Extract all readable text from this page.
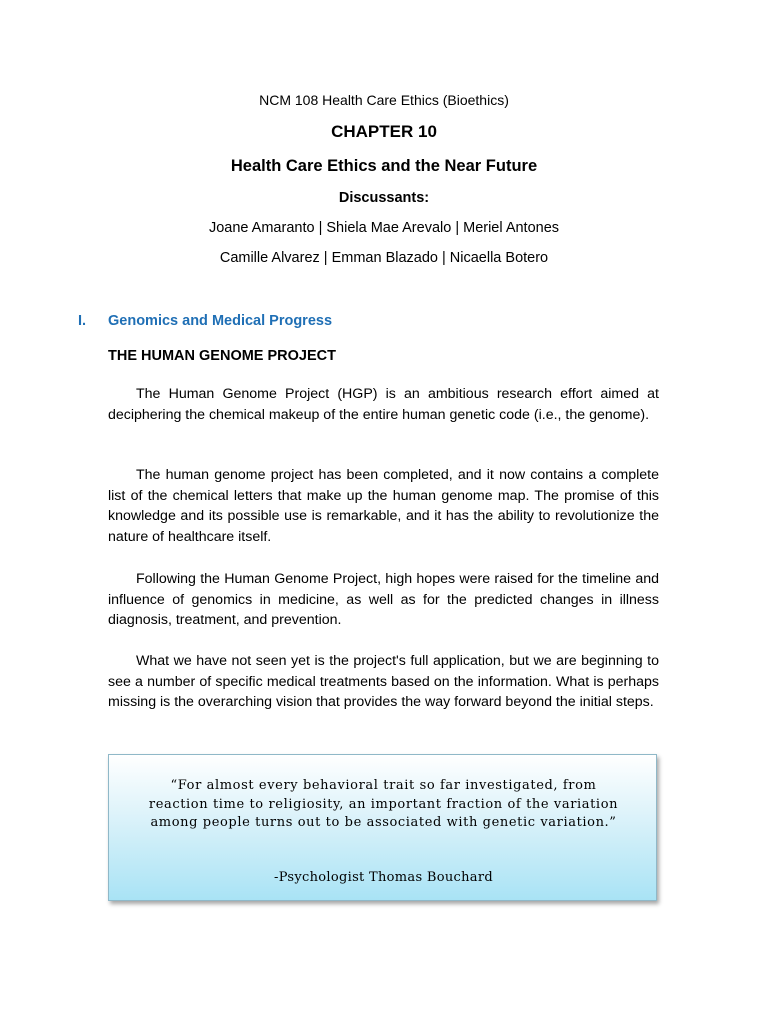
NCM 108 Health Care Ethics (Bioethics)
CHAPTER 10
Health Care Ethics and the Near Future
Discussants:
Joane Amaranto | Shiela Mae Arevalo | Meriel Antones
Camille Alvarez | Emman Blazado | Nicaella Botero
I. Genomics and Medical Progress
THE HUMAN GENOME PROJECT

The Human Genome Project (HGP) is an ambitious research effort aimed at deciphering the chemical makeup of the entire human genetic code (i.e., the genome).

The human genome project has been completed, and it now contains a complete list of the chemical letters that make up the human genome map. The promise of this knowledge and its possible use is remarkable, and it has the ability to revolutionize the nature of healthcare itself.

Following the Human Genome Project, high hopes were raised for the timeline and influence of genomics in medicine, as well as for the predicted changes in illness diagnosis, treatment, and prevention.

What we have not seen yet is the project's full application, but we are beginning to see a number of specific medical treatments based on the information. What is perhaps missing is the overarching vision that provides the way forward beyond the initial steps.

“For almost every behavioral trait so far investigated, from reaction time to religiosity, an important fraction of the variation among people turns out to be associated with genetic variation.”

-Psychologist Thomas Bouchard
